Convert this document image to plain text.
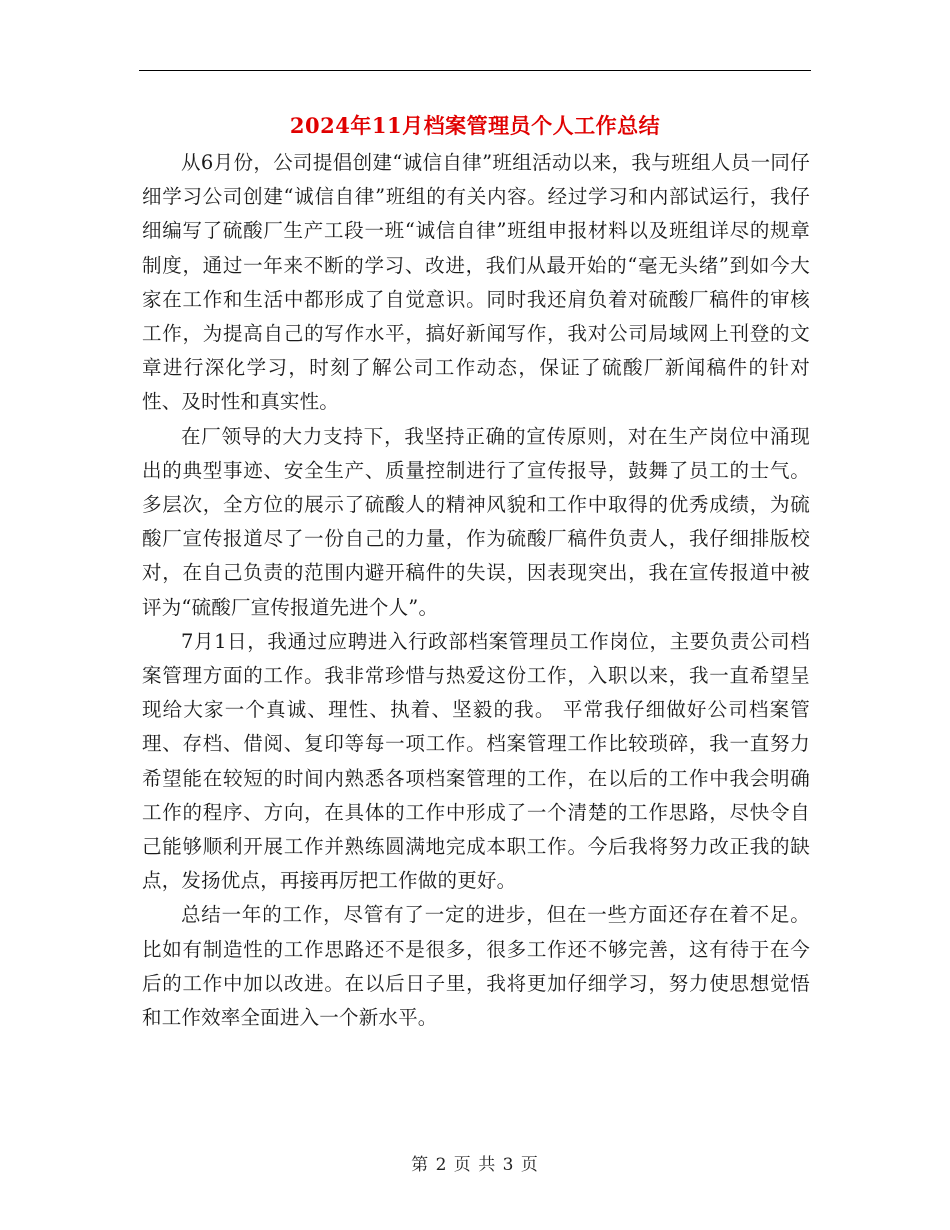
2024年11月档案管理员个人工作总结

从6月份，公司提倡创建“诚信自律”班组活动以来，我与班组人员一同仔细学习公司创建“诚信自律”班组的有关内容。经过学习和内部试运行，我仔细编写了硫酸厂生产工段一班“诚信自律”班组申报材料以及班组详尽的规章制度，通过一年来不断的学习、改进，我们从最开始的“毫无头绪”到如今大家在工作和生活中都形成了自觉意识。同时我还肩负着对硫酸厂稿件的审核工作，为提高自己的写作水平，搞好新闻写作，我对公司局域网上刊登的文章进行深化学习，时刻了解公司工作动态，保证了硫酸厂新闻稿件的针对性、及时性和真实性。

在厂领导的大力支持下，我坚持正确的宣传原则，对在生产岗位中涌现出的典型事迹、安全生产、质量控制进行了宣传报导，鼓舞了员工的士气。多层次，全方位的展示了硫酸人的精神风貌和工作中取得的优秀成绩，为硫酸厂宣传报道尽了一份自己的力量，作为硫酸厂稿件负责人，我仔细排版校对，在自己负责的范围内避开稿件的失误，因表现突出，我在宣传报道中被评为“硫酸厂宣传报道先进个人”。

7月1日，我通过应聘进入行政部档案管理员工作岗位，主要负责公司档案管理方面的工作。我非常珍惜与热爱这份工作，入职以来，我一直希望呈现给大家一个真诚、理性、执着、坚毅的我。 平常我仔细做好公司档案管理、存档、借阅、复印等每一项工作。档案管理工作比较琐碎，我一直努力希望能在较短的时间内熟悉各项档案管理的工作，在以后的工作中我会明确工作的程序、方向，在具体的工作中形成了一个清楚的工作思路，尽快令自己能够顺利开展工作并熟练圆满地完成本职工作。今后我将努力改正我的缺点，发扬优点，再接再厉把工作做的更好。

总结一年的工作，尽管有了一定的进步，但在一些方面还存在着不足。比如有制造性的工作思路还不是很多，很多工作还不够完善，这有待于在今后的工作中加以改进。在以后日子里，我将更加仔细学习，努力使思想觉悟和工作效率全面进入一个新水平。

第 2 页 共 3 页
